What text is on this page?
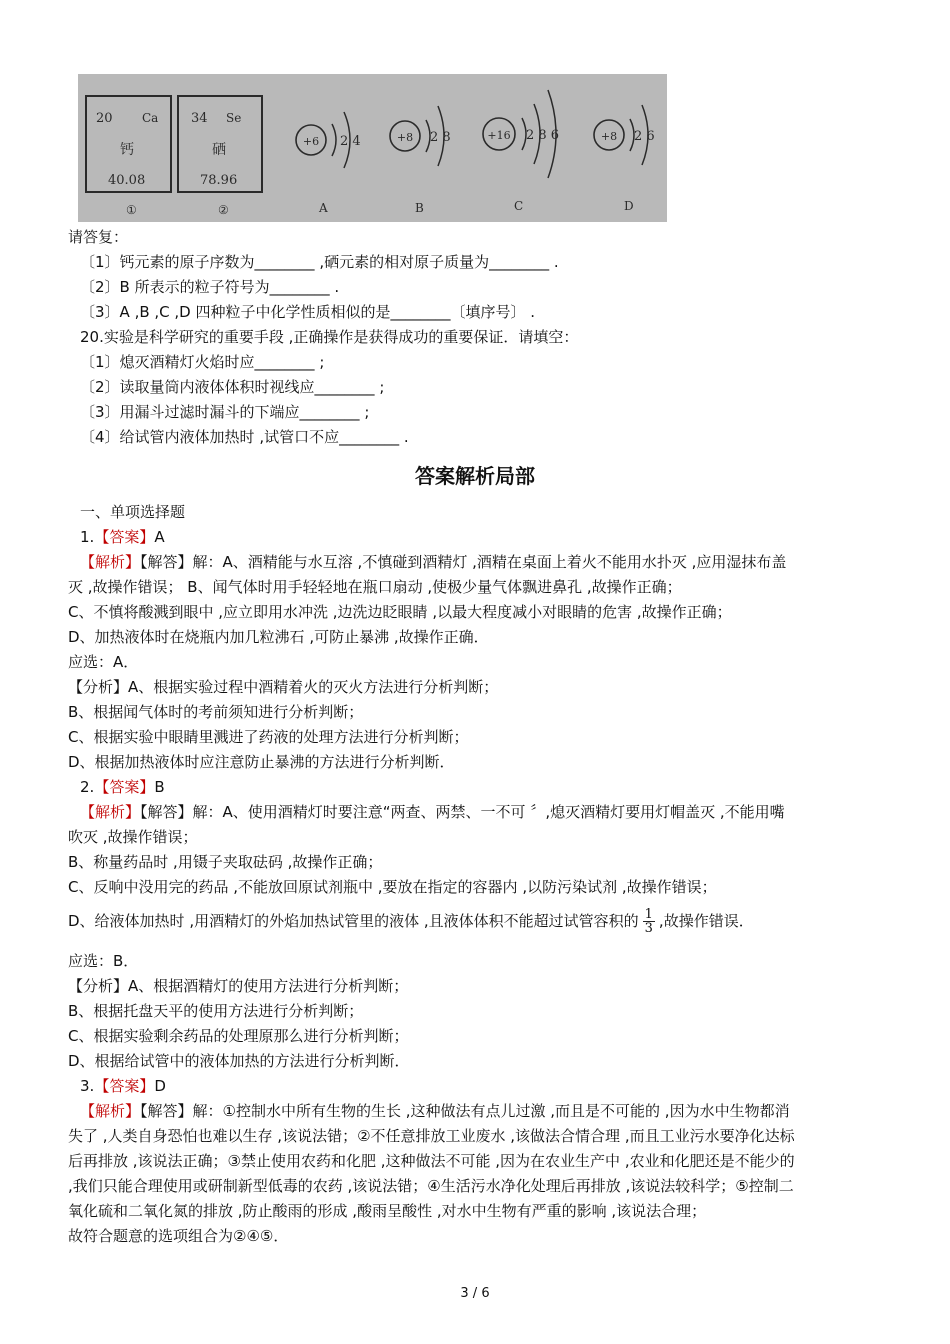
20 Ca
钙
40.08
①
34 Se
硒
78.96
②
+6 2 4
A
+8 2 8
B
+16 2 8 6
C
+8 2 6
D
请答复：
〔1〕钙元素的原子序数为________ ,硒元素的相对原子质量为________ .
〔2〕B 所表示的粒子符号为________ .
〔3〕A ,B ,C ,D 四种粒子中化学性质相似的是________〔填序号〕 .
20.实验是科学研究的重要手段 ,正确操作是获得成功的重要保证．请填空：
〔1〕熄灭酒精灯火焰时应________ ;
〔2〕读取量筒内液体体积时视线应________ ;
〔3〕用漏斗过滤时漏斗的下端应________ ;
〔4〕给试管内液体加热时 ,试管口不应________ .
答案解析局部
一、单项选择题
1.【答案】A
【解析】【解答】解：A、酒精能与水互溶 ,不慎碰到酒精灯 ,酒精在桌面上着火不能用水扑灭 ,应用湿抹布盖
灭 ,故操作错误； B、闻气体时用手轻轻地在瓶口扇动 ,使极少量气体飘进鼻孔 ,故操作正确；
C、不慎将酸溅到眼中 ,应立即用水冲洗 ,边洗边眨眼睛 ,以最大程度减小对眼睛的危害 ,故操作正确；
D、加热液体时在烧瓶内加几粒沸石 ,可防止暴沸 ,故操作正确．
应选：A．
【分析】A、根据实验过程中酒精着火的灭火方法进行分析判断；
B、根据闻气体时的考前须知进行分析判断；
C、根据实验中眼睛里溅进了药液的处理方法进行分析判断；
D、根据加热液体时应注意防止暴沸的方法进行分析判断．
2.【答案】B
【解析】【解答】解：A、使用酒精灯时要注意“两查、两禁、一不可 〞,熄灭酒精灯要用灯帽盖灭 ,不能用嘴
吹灭 ,故操作错误；
B、称量药品时 ,用镊子夹取砝码 ,故操作正确；
C、反响中没用完的药品 ,不能放回原试剂瓶中 ,要放在指定的容器内 ,以防污染试剂 ,故操作错误；
D、给液体加热时 ,用酒精灯的外焰加热试管里的液体 ,且液体体积不能超过试管容积的 $\frac{1}{3}$ ,故操作错误．
应选：B．
【分析】A、根据酒精灯的使用方法进行分析判断；
B、根据托盘天平的使用方法进行分析判断；
C、根据实验剩余药品的处理原那么进行分析判断；
D、根据给试管中的液体加热的方法进行分析判断．
3.【答案】D
【解析】【解答】解：①控制水中所有生物的生长 ,这种做法有点儿过激 ,而且是不可能的 ,因为水中生物都消
失了 ,人类自身恐怕也难以生存 ,该说法错；②不任意排放工业废水 ,该做法合情合理 ,而且工业污水要净化达标
后再排放 ,该说法正确；③禁止使用农药和化肥 ,这种做法不可能 ,因为在农业生产中 ,农业和化肥还是不能少的
,我们只能合理使用或研制新型低毒的农药 ,该说法错；④生活污水净化处理后再排放 ,该说法较科学；⑤控制二
氧化硫和二氧化氮的排放 ,防止酸雨的形成 ,酸雨呈酸性 ,对水中生物有严重的影响 ,该说法合理；
故符合题意的选项组合为②④⑤．
3 / 6
